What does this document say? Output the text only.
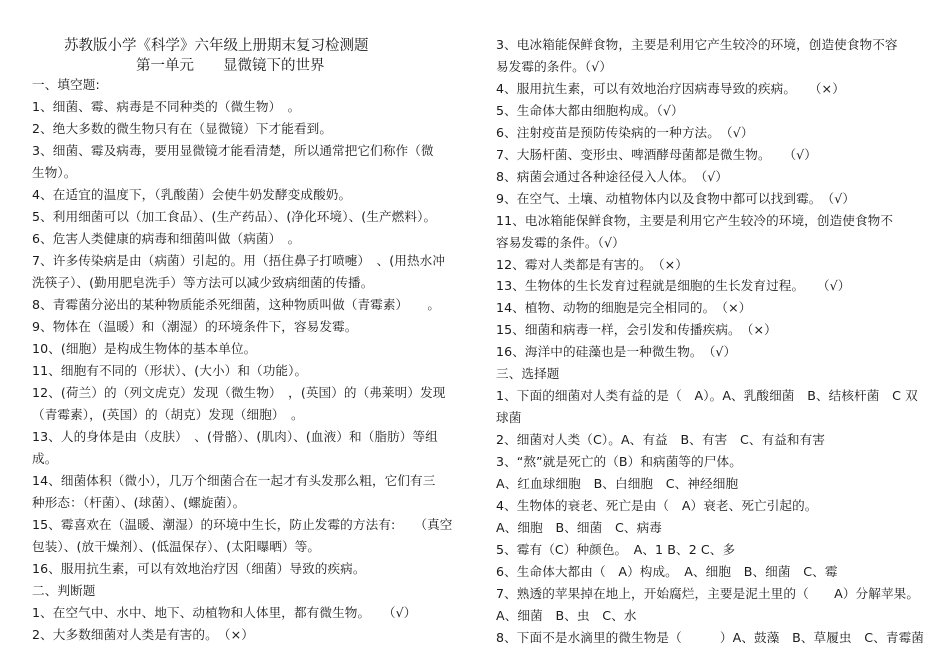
苏教版小学《科学》六年级上册期末复习检测题
第一单元　　显微镜下的世界
一、填空题:
1、细菌、霉、病毒是不同种类的（微生物）　。
2、绝大多数的微生物只有在（显微镜）下才能看到。
3、细菌、霉及病毒，要用显微镜才能看清楚，所以通常把它们称作（微
生物）。
4、在适宜的温度下，（乳酸菌）会使牛奶发酵变成酸奶。
5、利用细菌可以（加工食品）、(生产药品）、(净化环境）、(生产燃料）。
6、危害人类健康的病毒和细菌叫做（病菌）　。
7、许多传染病是由（病菌）引起的。用（捂住鼻子打喷嚏）　、(用热水冲
洗筷子）、(勤用肥皂洗手）等方法可以减少致病细菌的传播。
8、青霉菌分泌出的某种物质能杀死细菌，这种物质叫做（青霉素）　　。
9、物体在（温暖）和（潮湿）的环境条件下，容易发霉。
10、(细胞）是构成生物体的基本单位。
11、细胞有不同的（形状）、(大小）和（功能）。
12、(荷兰）的（列文虎克）发现（微生物）　，(英国）的（弗莱明）发现
（青霉素），(英国）的（胡克）发现（细胞）　。
13、人的身体是由（皮肤）　、(骨骼）、(肌肉）、(血液）和（脂肪）等组
成。
14、细菌体积（微小），几万个细菌合在一起才有头发那么粗，它们有三
种形态：（杆菌）、(球菌）、(螺旋菌）。
15、霉喜欢在（温暖、潮湿）的环境中生长，防止发霉的方法有:　　（真空
包装）、(放干燥剂）、(低温保存）、(太阳曝晒）等。
16、服用抗生素，可以有效地治疗因（细菌）导致的疾病。
二、判断题
1、在空气中、水中、地下、动植物和人体里，都有微生物。　　（√）
2、大多数细菌对人类是有害的。　（×）
3、电冰箱能保鲜食物，主要是利用它产生较冷的环境，创造使食物不容
易发霉的条件。（√）
4、服用抗生素，可以有效地治疗因病毒导致的疾病。　　（×）
5、生命体大都由细胞构成。（√）
6、注射疫苗是预防传染病的一种方法。　（√）
7、大肠杆菌、变形虫、啤酒酵母菌都是微生物。　　（√）
8、病菌会通过各种途径侵入人体。　（√）
9、在空气、土壤、动植物体内以及食物中都可以找到霉。　（√）
11、电冰箱能保鲜食物，主要是利用它产生较冷的环境，创造使食物不
容易发霉的条件。（√）
12、霉对人类都是有害的。　（×）
13、生物体的生长发育过程就是细胞的生长发育过程。　　（√）
14、植物、动物的细胞是完全相同的。　（×）
15、细菌和病毒一样，会引发和传播疾病。　（×）
16、海洋中的硅藻也是一种微生物。　（√）
三、选择题
1、下面的细菌对人类有益的是（　A）。A、乳酸细菌　B、结核杆菌　C 双
球菌
2、细菌对人类（C）。A、有益　B、有害　C、有益和有害
3、“熬”就是死亡的（B）和病菌等的尸体。
A、红血球细胞　B、白细胞　C、神经细胞
4、生物体的衰老、死亡是由（　A）衰老、死亡引起的。
A、细胞　B、细菌　C、病毒
5、霉有（C）种颜色。　A、1 B、2 C、多
6、生命体大都由（　A）构成。　A、细胞　B、细菌　C、霉
7、熟透的苹果掉在地上，开始腐烂，主要是泥土里的（　　A）分解苹果。
A、细菌　B、虫　C、水
8、下面不是水滴里的微生物是（　　　）A、鼓藻　B、草履虫　C、青霉菌
